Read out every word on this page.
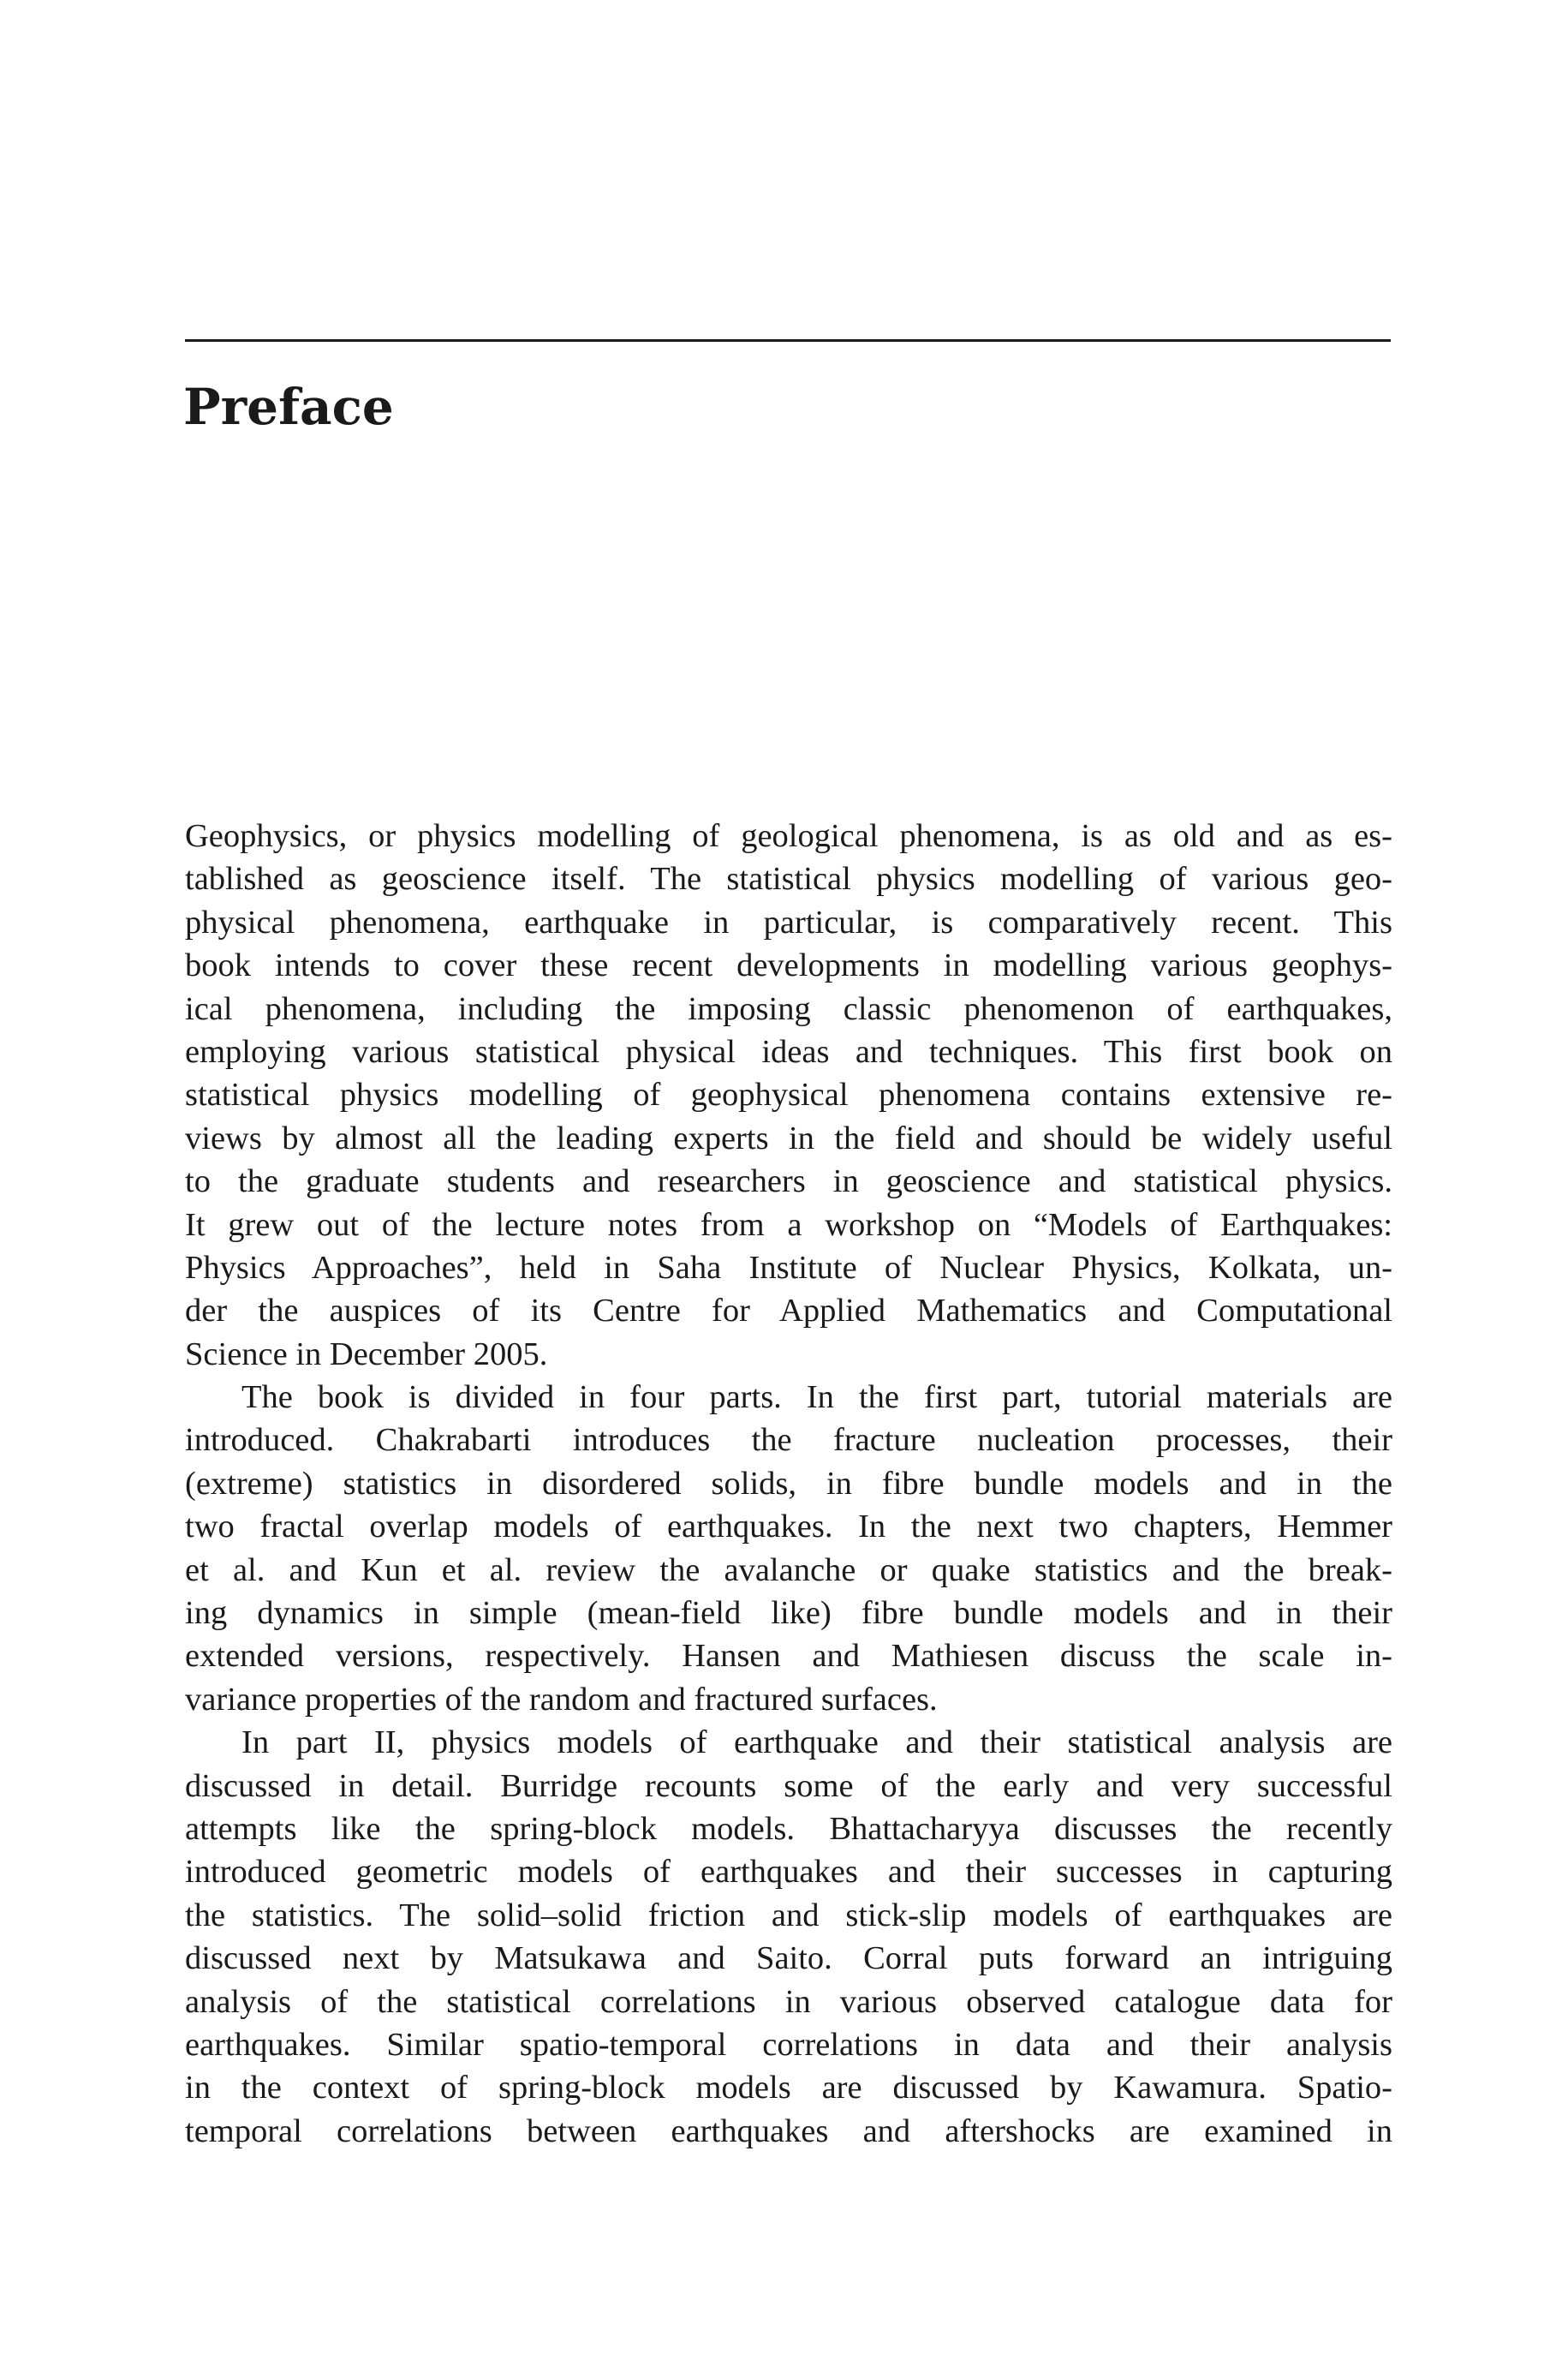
Preface
Geophysics, or physics modelling of geological phenomena, is as old and as es-
tablished as geoscience itself. The statistical physics modelling of various geo-
physical phenomena, earthquake in particular, is comparatively recent. This
book intends to cover these recent developments in modelling various geophys-
ical phenomena, including the imposing classic phenomenon of earthquakes,
employing various statistical physical ideas and techniques. This first book on
statistical physics modelling of geophysical phenomena contains extensive re-
views by almost all the leading experts in the field and should be widely useful
to the graduate students and researchers in geoscience and statistical physics.
It grew out of the lecture notes from a workshop on “Models of Earthquakes:
Physics Approaches”, held in Saha Institute of Nuclear Physics, Kolkata, un-
der the auspices of its Centre for Applied Mathematics and Computational
Science in December 2005.
The book is divided in four parts. In the first part, tutorial materials are
introduced. Chakrabarti introduces the fracture nucleation processes, their
(extreme) statistics in disordered solids, in fibre bundle models and in the
two fractal overlap models of earthquakes. In the next two chapters, Hemmer
et al. and Kun et al. review the avalanche or quake statistics and the break-
ing dynamics in simple (mean-field like) fibre bundle models and in their
extended versions, respectively. Hansen and Mathiesen discuss the scale in-
variance properties of the random and fractured surfaces.
In part II, physics models of earthquake and their statistical analysis are
discussed in detail. Burridge recounts some of the early and very successful
attempts like the spring-block models. Bhattacharyya discusses the recently
introduced geometric models of earthquakes and their successes in capturing
the statistics. The solid–solid friction and stick-slip models of earthquakes are
discussed next by Matsukawa and Saito. Corral puts forward an intriguing
analysis of the statistical correlations in various observed catalogue data for
earthquakes. Similar spatio-temporal correlations in data and their analysis
in the context of spring-block models are discussed by Kawamura. Spatio-
temporal correlations between earthquakes and aftershocks are examined in
